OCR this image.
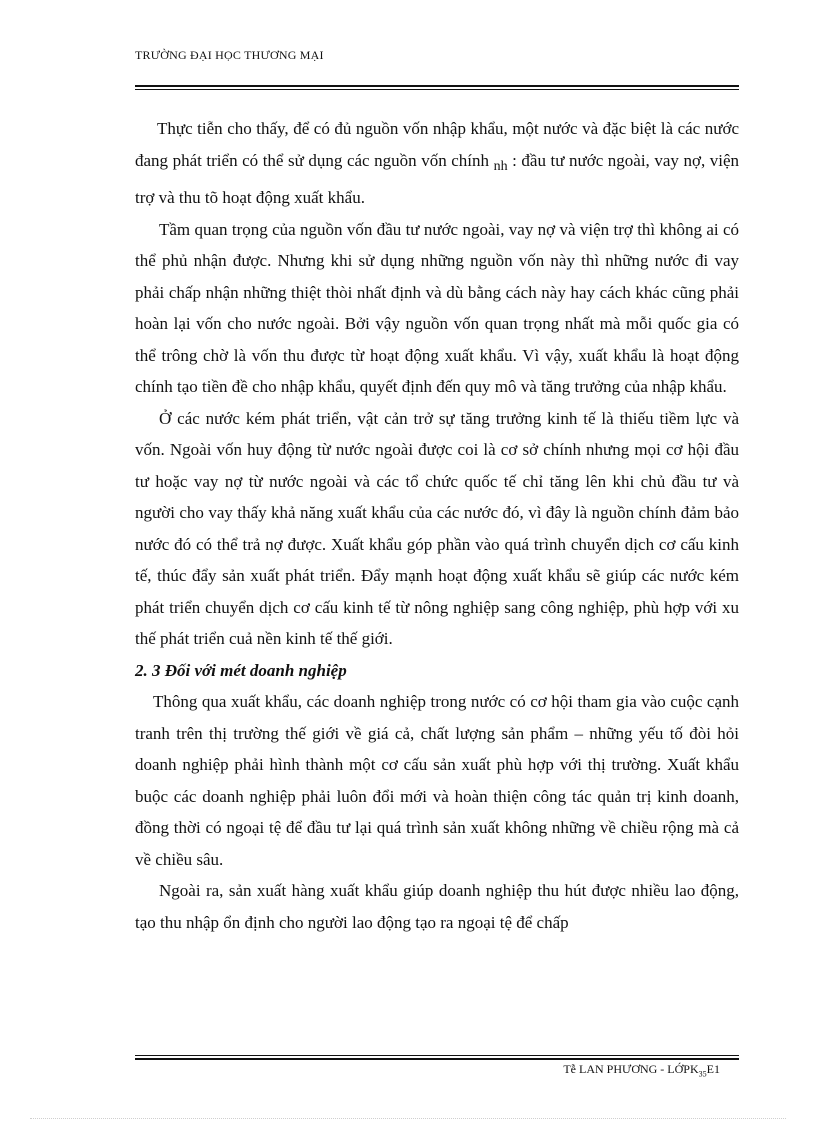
TRƯỜNG ĐẠI HỌC THƯƠNG MẠI

Thực tiễn cho thấy, để có đủ nguồn vốn nhập khẩu, một nước và đặc biệt là các nước đang phát triển có thể sử dụng các nguồn vốn chính $_{nh}$ : đầu tư nước ngoài, vay nợ, viện trợ và thu tõ hoạt động xuất khẩu.

Tầm quan trọng của nguồn vốn đầu tư nước ngoài, vay nợ và viện trợ thì không ai có thể phủ nhận được. Nhưng khi sử dụng những nguồn vốn này thì những nước đi vay phải chấp nhận những thiệt thòi nhất định và dù bằng cách này hay cách khác cũng phải hoàn lại vốn cho nước ngoài. Bởi vậy nguồn vốn quan trọng nhất mà mỗi quốc gia có thể trông chờ là vốn thu được từ hoạt động xuất khẩu. Vì vậy, xuất khẩu là hoạt động chính tạo tiền đề cho nhập khẩu, quyết định đến quy mô và tăng trưởng của nhập khẩu.

Ở các nước kém phát triển, vật cản trở sự tăng trưởng kinh tế là thiếu tiềm lực và vốn. Ngoài vốn huy động từ nước ngoài được coi là cơ sở chính nhưng mọi cơ hội đầu tư hoặc vay nợ từ nước ngoài và các tổ chức quốc tế chỉ tăng lên khi chủ đầu tư và người cho vay thấy khả năng xuất khẩu của các nước đó, vì đây là nguồn chính đảm bảo nước đó có thể trả nợ được. Xuất khẩu góp phần vào quá trình chuyển dịch cơ cấu kinh tế, thúc đẩy sản xuất phát triển. Đẩy mạnh hoạt động xuất khẩu sẽ giúp các nước kém phát triển chuyển dịch cơ cấu kinh tế từ nông nghiệp sang công nghiệp, phù hợp với xu thế phát triển cuả nền kinh tế thế giới.

2. 3 Đối với mét doanh nghiệp

Thông qua xuất khẩu, các doanh nghiệp trong nước có cơ hội tham gia vào cuộc cạnh tranh trên thị trường thế giới về giá cả, chất lượng sản phẩm – những yếu tố đòi hỏi doanh nghiệp phải hình thành một cơ cấu sản xuất phù hợp với thị trường. Xuất khẩu buộc các doanh nghiệp phải luôn đổi mới và hoàn thiện công tác quản trị kinh doanh, đồng thời có ngoại tệ để đầu tư lại quá trình sản xuất không những về chiều rộng mà cả về chiều sâu.

Ngoài ra, sản xuất hàng xuất khẩu giúp doanh nghiệp thu hút được nhiều lao động, tạo thu nhập ổn định cho người lao động tạo ra ngoại tệ để chấp

Tễ LAN PHƯƠNG - LỚPK$_{35}$E1
